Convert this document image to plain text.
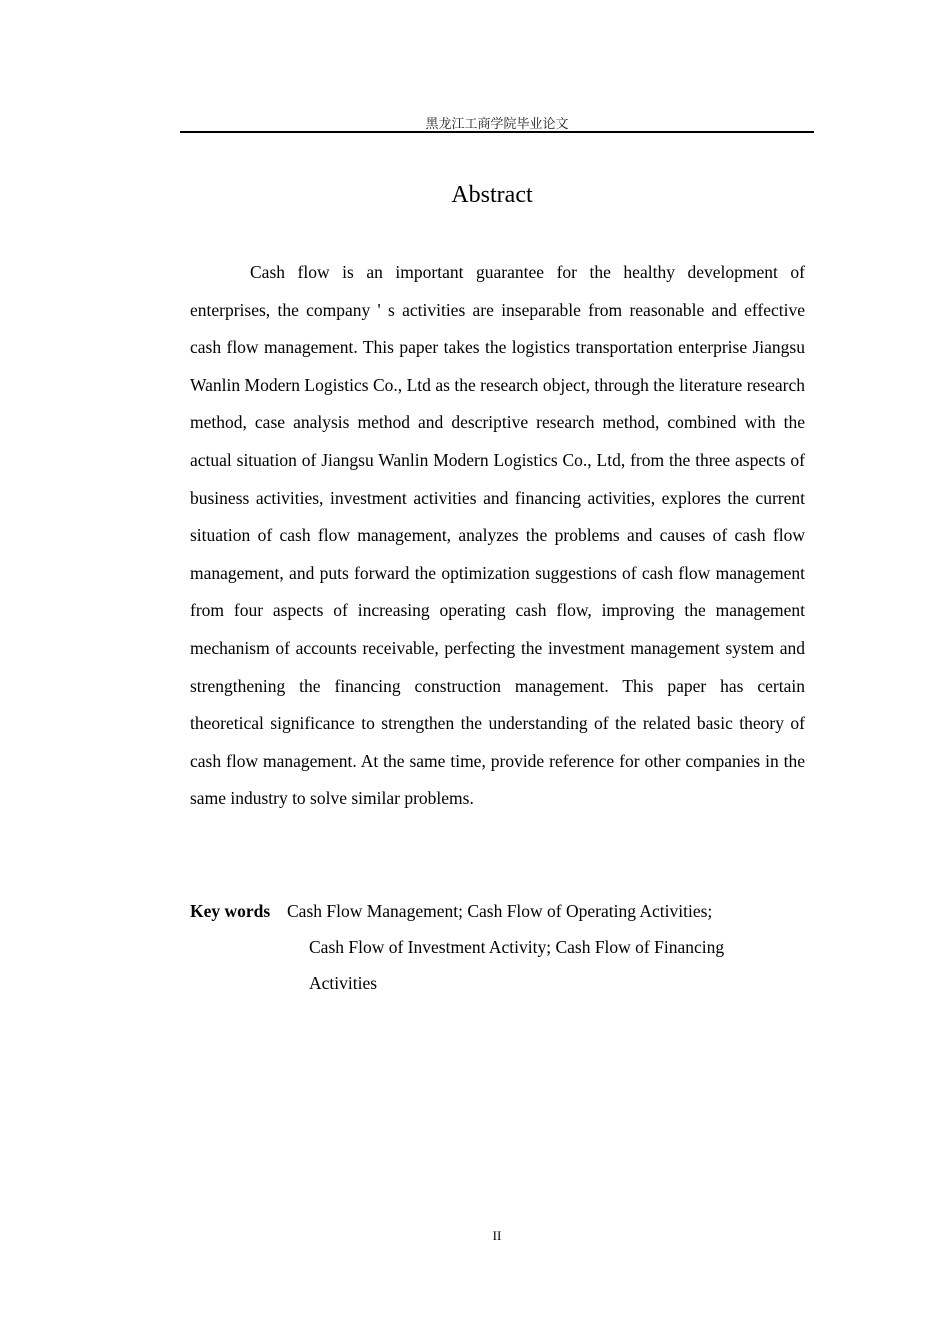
黑龙江工商学院毕业论文
Abstract

Cash flow is an important guarantee for the healthy development of enterprises, the company ' s activities are inseparable from reasonable and effective cash flow management. This paper takes the logistics transportation enterprise Jiangsu Wanlin Modern Logistics Co., Ltd as the research object, through the literature research method, case analysis method and descriptive research method, combined with the actual situation of Jiangsu Wanlin Modern Logistics Co., Ltd, from the three aspects of business activities, investment activities and financing activities, explores the current situation of cash flow management, analyzes the problems and causes of cash flow management, and puts forward the optimization suggestions of cash flow management from four aspects of increasing operating cash flow, improving the management mechanism of accounts receivable, perfecting the investment management system and strengthening the financing construction management. This paper has certain theoretical significance to strengthen the understanding of the related basic theory of cash flow management. At the same time, provide reference for other companies in the same industry to solve similar problems.

Key words Cash Flow Management; Cash Flow of Operating Activities;
Cash Flow of Investment Activity; Cash Flow of Financing Activities
II
